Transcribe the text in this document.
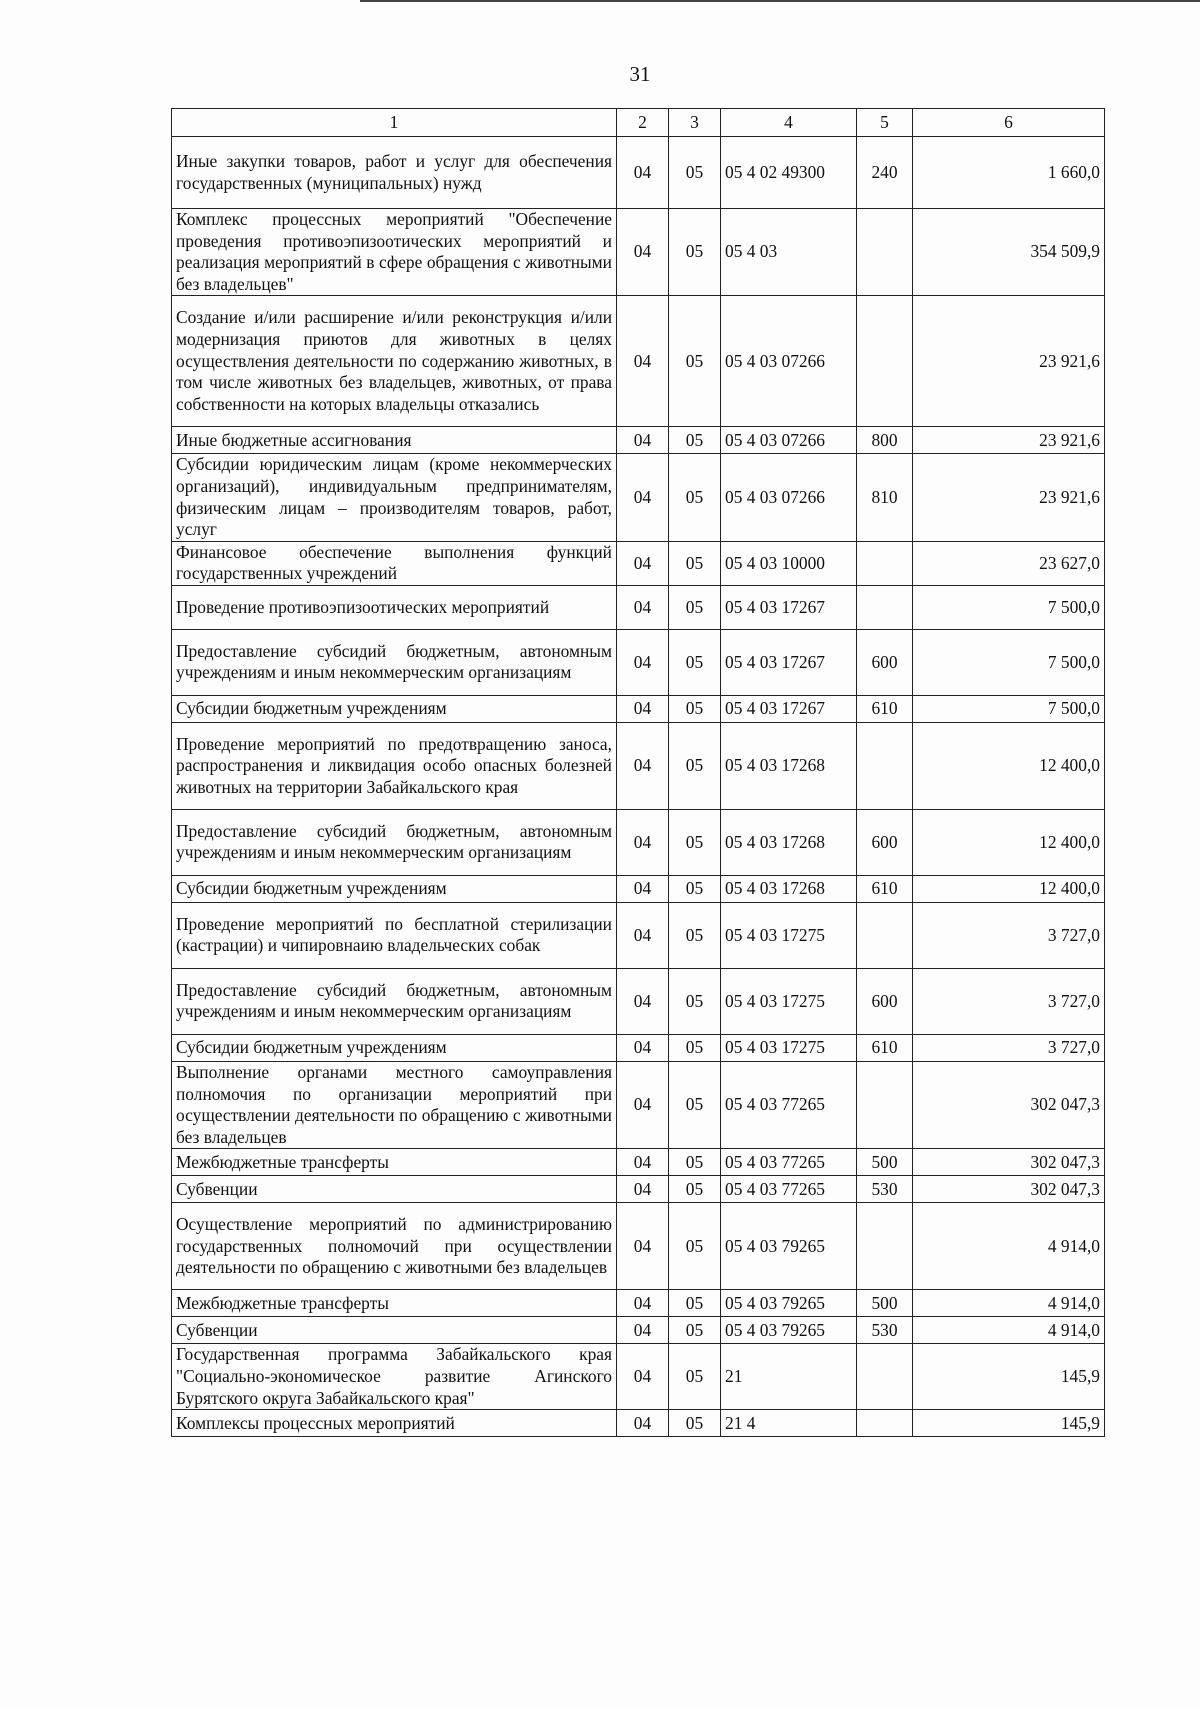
31
1	2	3	4	5	6
Иные закупки товаров, работ и услуг для обеспечения государственных (муниципальных) нужд	04	05	05 4 02 49300	240	1 660,0
Комплекс процессных мероприятий "Обеспечение проведения противоэпизоотических мероприятий и реализация мероприятий в сфере обращения с животными без владельцев"	04	05	05 4 03		354 509,9
Создание и/или расширение и/или реконструкция и/или модернизация приютов для животных в целях осуществления деятельности по содержанию животных, в том числе животных без владельцев, животных, от права собственности на которых владельцы отказались	04	05	05 4 03 07266		23 921,6
Иные бюджетные ассигнования	04	05	05 4 03 07266	800	23 921,6
Субсидии юридическим лицам (кроме некоммерческих организаций), индивидуальным предпринимателям, физическим лицам – производителям товаров, работ, услуг	04	05	05 4 03 07266	810	23 921,6
Финансовое обеспечение выполнения функций государственных учреждений	04	05	05 4 03 10000		23 627,0
Проведение противоэпизоотических мероприятий	04	05	05 4 03 17267		7 500,0
Предоставление субсидий бюджетным, автономным учреждениям и иным некоммерческим организациям	04	05	05 4 03 17267	600	7 500,0
Субсидии бюджетным учреждениям	04	05	05 4 03 17267	610	7 500,0
Проведение мероприятий по предотвращению заноса, распространения и ликвидация особо опасных болезней животных на территории Забайкальского края	04	05	05 4 03 17268		12 400,0
Предоставление субсидий бюджетным, автономным учреждениям и иным некоммерческим организациям	04	05	05 4 03 17268	600	12 400,0
Субсидии бюджетным учреждениям	04	05	05 4 03 17268	610	12 400,0
Проведение мероприятий по бесплатной стерилизации (кастрации) и чипировнаию владельческих собак	04	05	05 4 03 17275		3 727,0
Предоставление субсидий бюджетным, автономным учреждениям и иным некоммерческим организациям	04	05	05 4 03 17275	600	3 727,0
Субсидии бюджетным учреждениям	04	05	05 4 03 17275	610	3 727,0
Выполнение органами местного самоуправления полномочия по организации мероприятий при осуществлении деятельности по обращению с животными без владельцев	04	05	05 4 03 77265		302 047,3
Межбюджетные трансферты	04	05	05 4 03 77265	500	302 047,3
Субвенции	04	05	05 4 03 77265	530	302 047,3
Осуществление мероприятий по администрированию государственных полномочий при осуществлении деятельности по обращению с животными без владельцев	04	05	05 4 03 79265		4 914,0
Межбюджетные трансферты	04	05	05 4 03 79265	500	4 914,0
Субвенции	04	05	05 4 03 79265	530	4 914,0
Государственная программа Забайкальского края "Социально-экономическое развитие Агинского Бурятского округа Забайкальского края"	04	05	21		145,9
Комплексы процессных мероприятий	04	05	21 4		145,9
